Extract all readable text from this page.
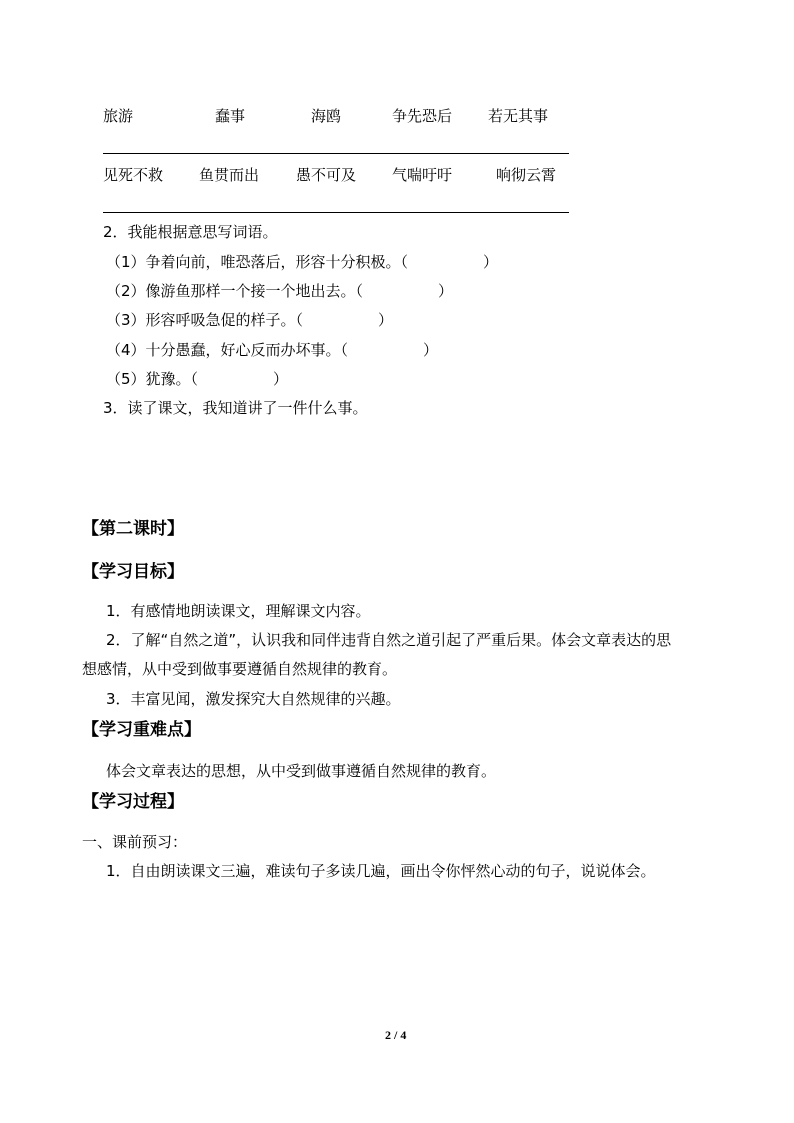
旅游	蠢事	海鸥	争先恐后 若无其事
见死不救 鱼贯而出 愚不可及 气喘吁吁	响彻云霄
2．我能根据意思写词语。
（1）争着向前，唯恐落后，形容十分积极。（　　　　　）
（2）像游鱼那样一个接一个地出去。（　　　　　）
（3）形容呼吸急促的样子。（　　　　　）
（4）十分愚蠢，好心反而办坏事。（　　　　　）
（5）犹豫。（　　　　　）
3．读了课文，我知道讲了一件什么事。
【第二课时】
【学习目标】
1．有感情地朗读课文，理解课文内容。
2．了解“自然之道”，认识我和同伴违背自然之道引起了严重后果。体会文章表达的思
想感情，从中受到做事要遵循自然规律的教育。
3．丰富见闻，激发探究大自然规律的兴趣。
【学习重难点】
体会文章表达的思想，从中受到做事遵循自然规律的教育。
【学习过程】
一、课前预习：
1．自由朗读课文三遍，难读句子多读几遍，画出令你怦然心动的句子，说说体会。
2 / 4
